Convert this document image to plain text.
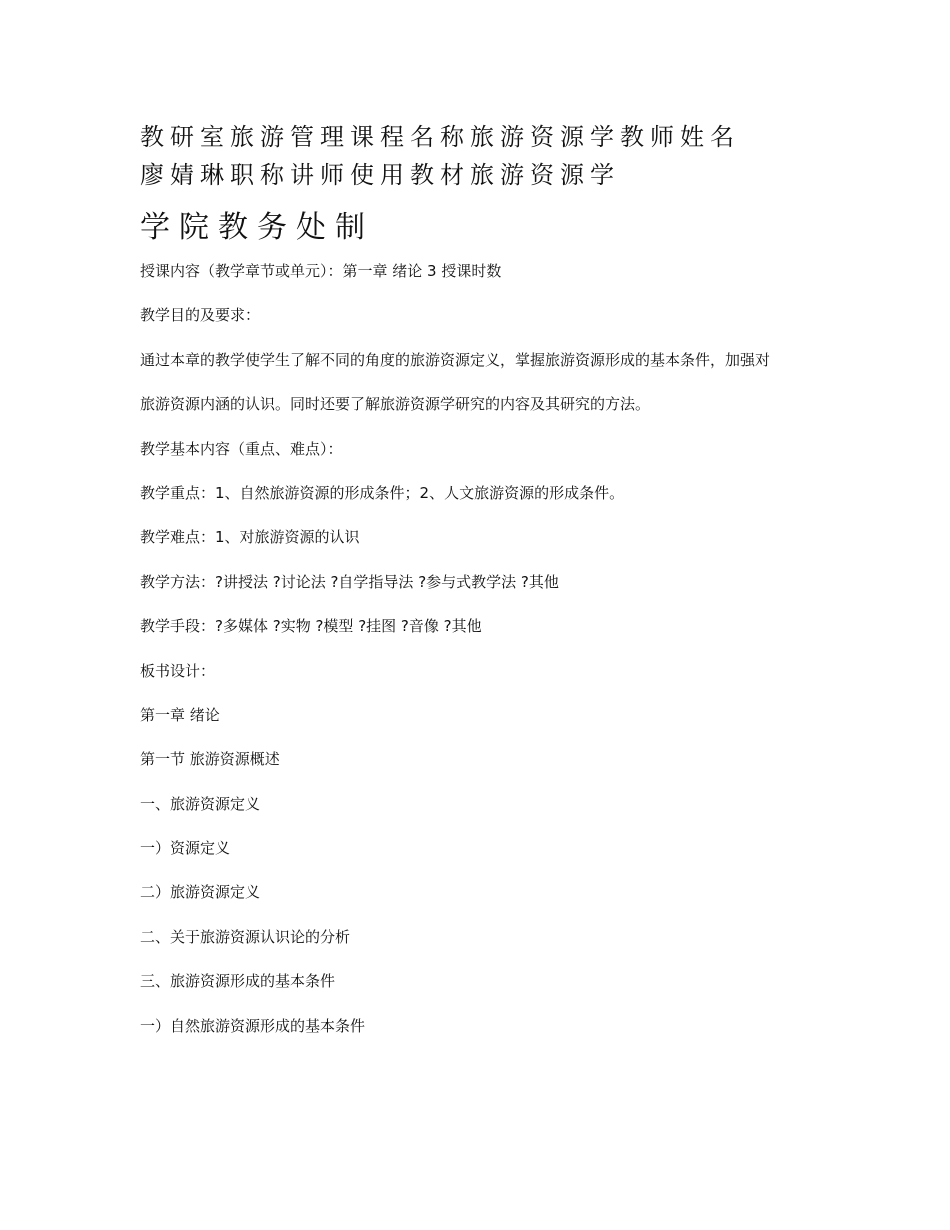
教研室旅游管理课程名称旅游资源学教师姓名
廖婧琳职称讲师使用教材旅游资源学
学院教务处制

授课内容（教学章节或单元）：第一章 绪论 3 授课时数

教学目的及要求：

通过本章的教学使学生了解不同的角度的旅游资源定义，掌握旅游资源形成的基本条件，加强对

旅游资源内涵的认识。同时还要了解旅游资源学研究的内容及其研究的方法。

教学基本内容（重点、难点）：

教学重点：1、自然旅游资源的形成条件；2、人文旅游资源的形成条件。

教学难点：1、对旅游资源的认识

教学方法：?讲授法 ?讨论法 ?自学指导法 ?参与式教学法 ?其他

教学手段：?多媒体 ?实物 ?模型 ?挂图 ?音像 ?其他

板书设计：

第一章 绪论

第一节 旅游资源概述

一、旅游资源定义

一）资源定义

二）旅游资源定义

二、关于旅游资源认识论的分析

三、旅游资源形成的基本条件

一）自然旅游资源形成的基本条件
